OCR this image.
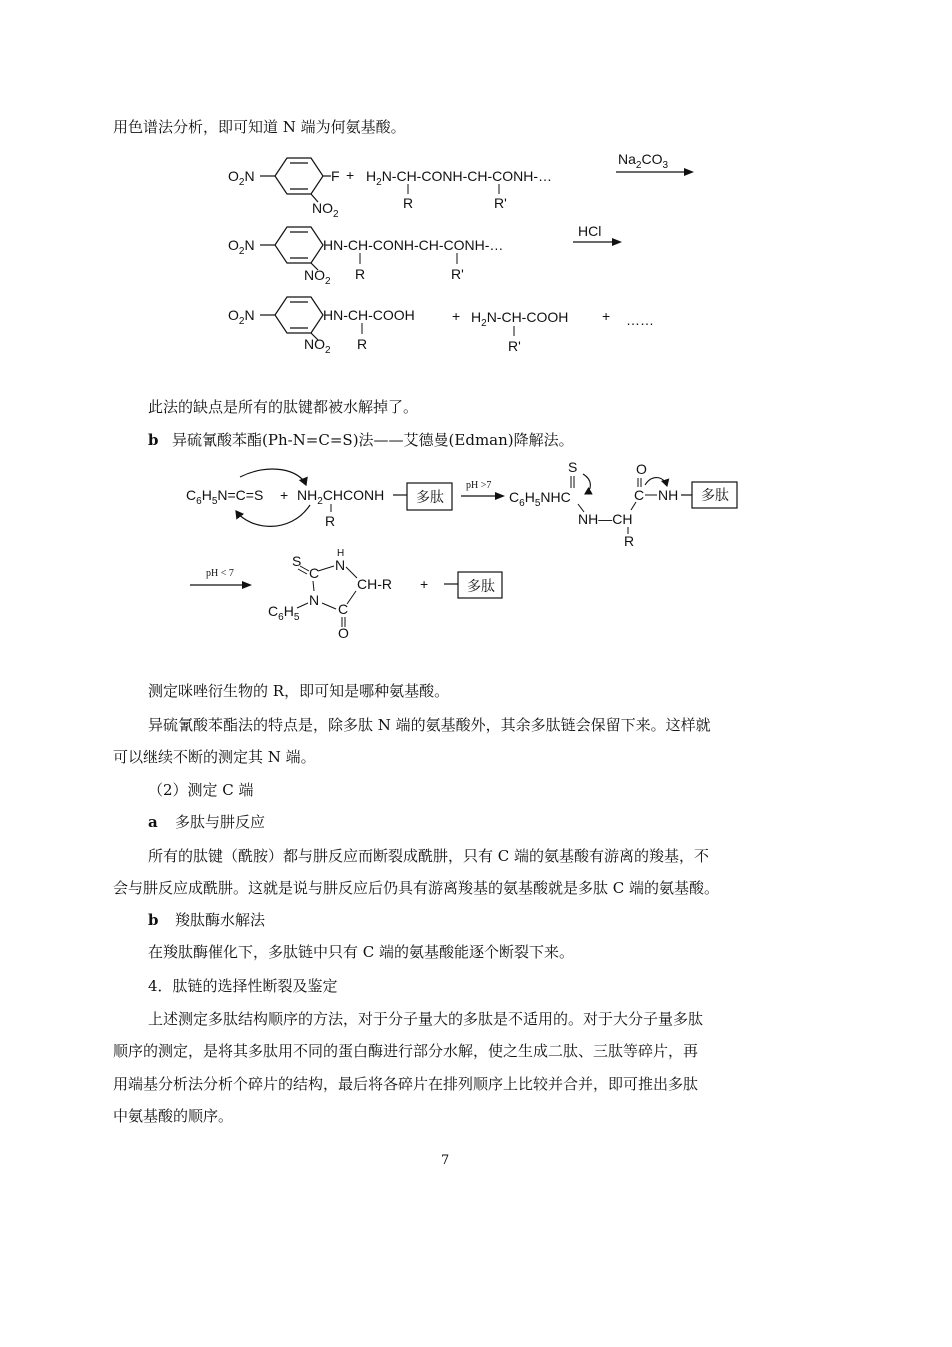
用色谱法分析，即可知道 N 端为何氨基酸。
$O_2N$	F
$NO_2$
+ $H_2N-CH-CONH-CH-CONH-\dots$
R	R'
$Na_2CO_3$
$O_2N$
$NO_2$
HN-CH-CONH-CH-CONH-…
R	R'
HCl
$O_2N$
$NO_2$
HN-CH-COOH
R
+ $H_2N-CH$-COOH
R'
+ ……
此法的缺点是所有的肽键都被水解掉了。
b 异硫氰酸苯酯(Ph-N=C=S)法——艾德曼(Edman)降解法。
$C_6H_5N=C=S$ + $NH_2CHCONH$ 多肽
R
pH >7
$C_6H_5NHC$
S
NH—CH
R
O
C NH 多肽
pH < 7
S
C
H
N
CH-R
C
O
N
$C_6H_5$
+	多肽
测定咪唑衍生物的 R，即可知是哪种氨基酸。
异硫氰酸苯酯法的特点是，除多肽 N 端的氨基酸外，其余多肽链会保留下来。这样就
可以继续不断的测定其 N 端。
（2）测定 C 端
a 多肽与肼反应
所有的肽键（酰胺）都与肼反应而断裂成酰肼，只有 C 端的氨基酸有游离的羧基，不
会与肼反应成酰肼。这就是说与肼反应后仍具有游离羧基的氨基酸就是多肽 C 端的氨基酸。
b 羧肽酶水解法
在羧肽酶催化下，多肽链中只有 C 端的氨基酸能逐个断裂下来。
4．肽链的选择性断裂及鉴定
上述测定多肽结构顺序的方法，对于分子量大的多肽是不适用的。对于大分子量多肽
顺序的测定，是将其多肽用不同的蛋白酶进行部分水解，使之生成二肽、三肽等碎片，再
用端基分析法分析个碎片的结构，最后将各碎片在排列顺序上比较并合并，即可推出多肽
中氨基酸的顺序。
7
